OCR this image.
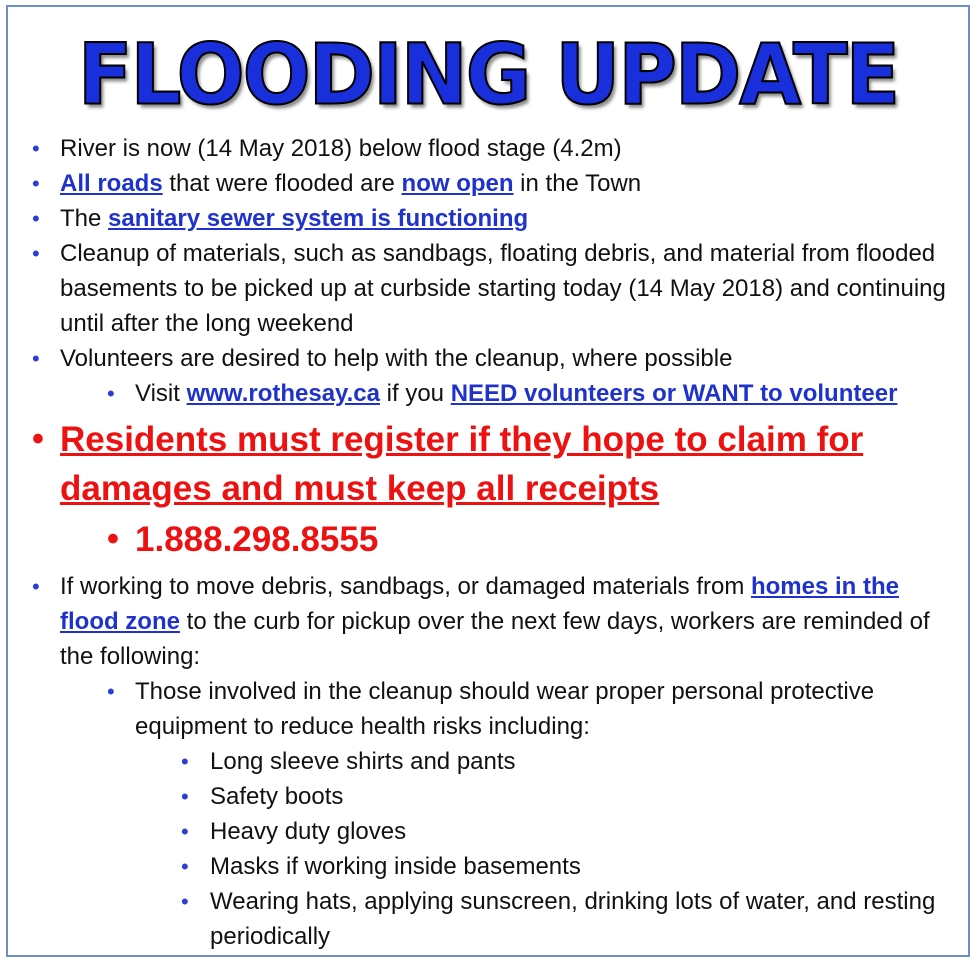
FLOODING UPDATE
• River is now (14 May 2018) below flood stage (4.2m)
• All roads that were flooded are now open in the Town
• The sanitary sewer system is functioning
• Cleanup of materials, such as sandbags, floating debris, and material from flooded basements to be picked up at curbside starting today (14 May 2018) and continuing until after the long weekend
• Volunteers are desired to help with the cleanup, where possible
• Visit www.rothesay.ca if you NEED volunteers or WANT to volunteer
• Residents must register if they hope to claim for damages and must keep all receipts
• 1.888.298.8555
• If working to move debris, sandbags, or damaged materials from homes in the flood zone to the curb for pickup over the next few days, workers are reminded of the following:
• Those involved in the cleanup should wear proper personal protective equipment to reduce health risks including:
• Long sleeve shirts and pants
• Safety boots
• Heavy duty gloves
• Masks if working inside basements
• Wearing hats, applying sunscreen, drinking lots of water, and resting periodically
